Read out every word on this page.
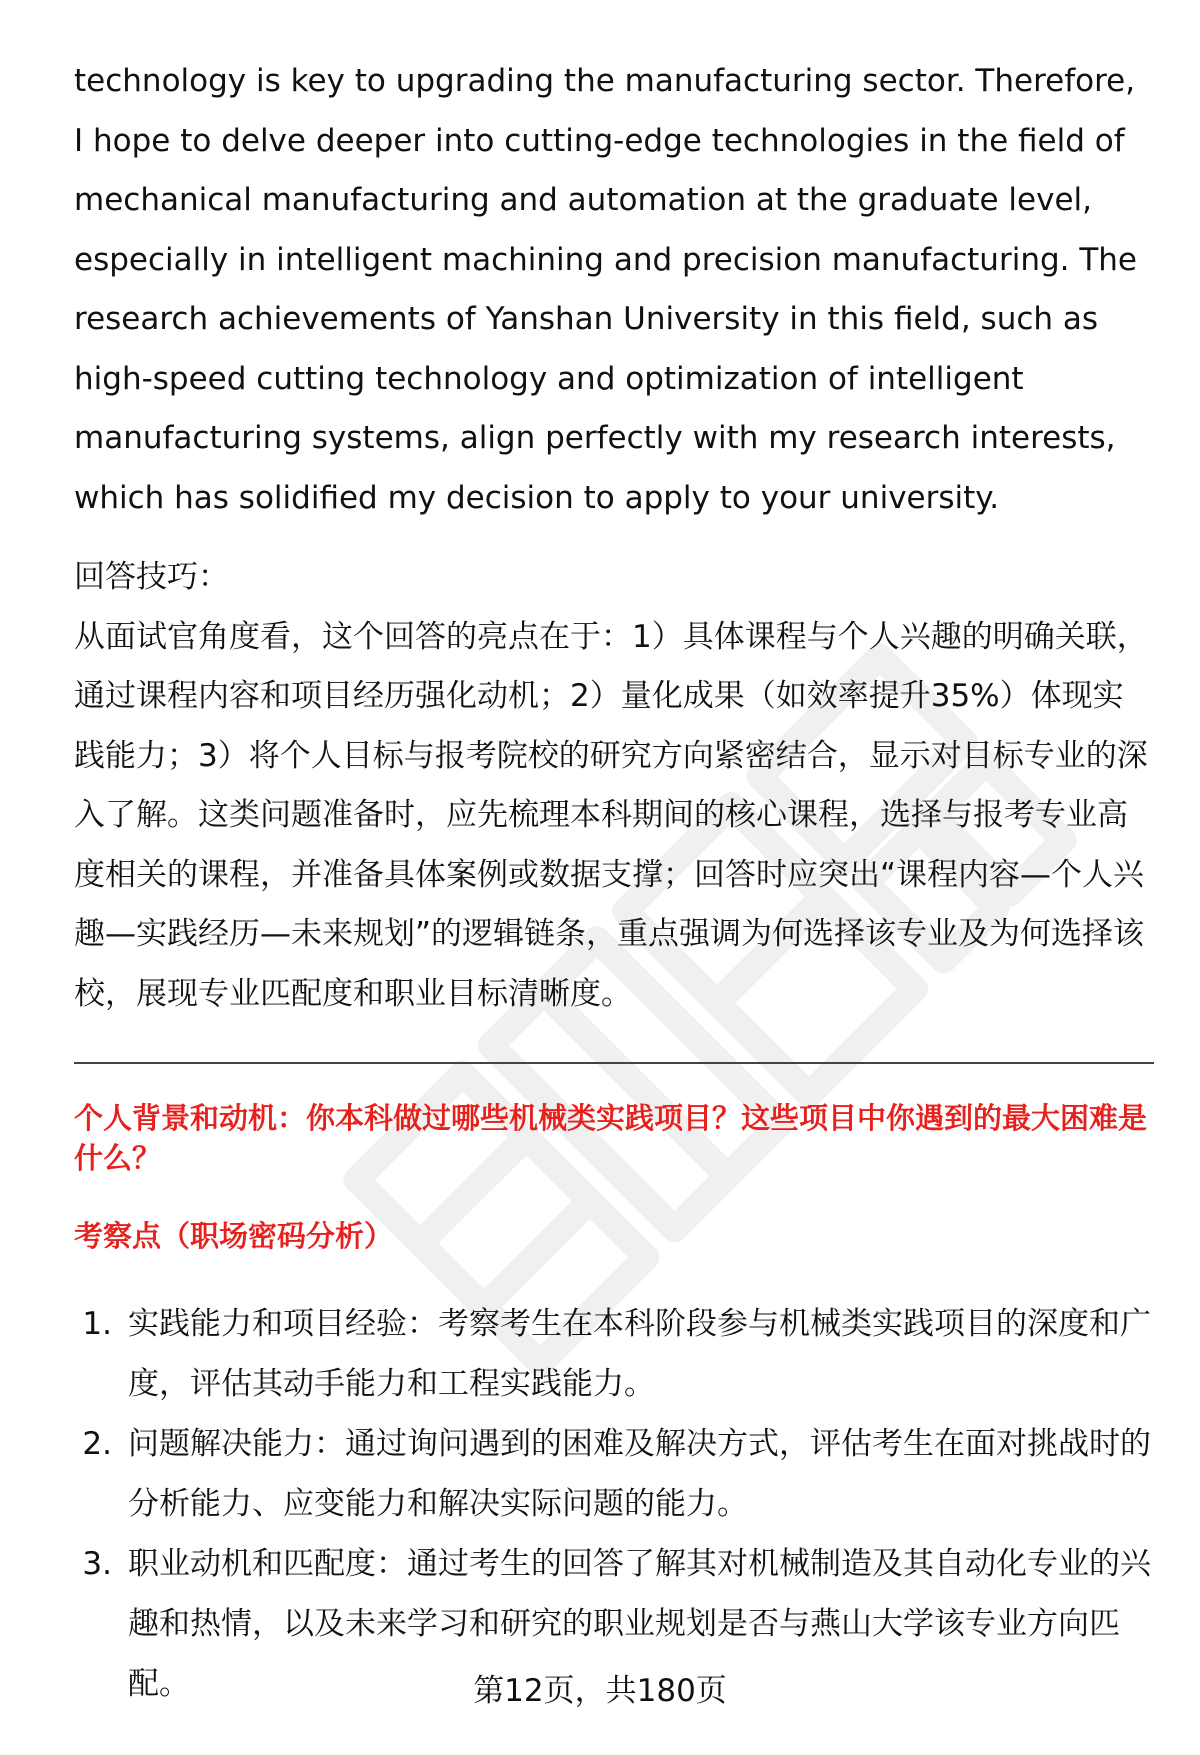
technology is key to upgrading the manufacturing sector. Therefore, I hope to delve deeper into cutting-edge technologies in the field of mechanical manufacturing and automation at the graduate level, especially in intelligent machining and precision manufacturing. The research achievements of Yanshan University in this field, such as high-speed cutting technology and optimization of intelligent manufacturing systems, align perfectly with my research interests, which has solidified my decision to apply to your university.

回答技巧：

从面试官角度看，这个回答的亮点在于：1）具体课程与个人兴趣的明确关联，通过课程内容和项目经历强化动机；2）量化成果（如效率提升35%）体现实践能力；3）将个人目标与报考院校的研究方向紧密结合，显示对目标专业的深入了解。这类问题准备时，应先梳理本科期间的核心课程，选择与报考专业高度相关的课程，并准备具体案例或数据支撑；回答时应突出“课程内容—个人兴趣—实践经历—未来规划”的逻辑链条，重点强调为何选择该专业及为何选择该校，展现专业匹配度和职业目标清晰度。

个人背景和动机：你本科做过哪些机械类实践项目？这些项目中你遇到的最大困难是什么？

考察点（职场密码分析）

1. 实践能力和项目经验：考察考生在本科阶段参与机械类实践项目的深度和广度，评估其动手能力和工程实践能力。
2. 问题解决能力：通过询问遇到的困难及解决方式，评估考生在面对挑战时的分析能力、应变能力和解决实际问题的能力。
3. 职业动机和匹配度：通过考生的回答了解其对机械制造及其自动化专业的兴趣和热情，以及未来学习和研究的职业规划是否与燕山大学该专业方向匹配。	第12页，共180页
